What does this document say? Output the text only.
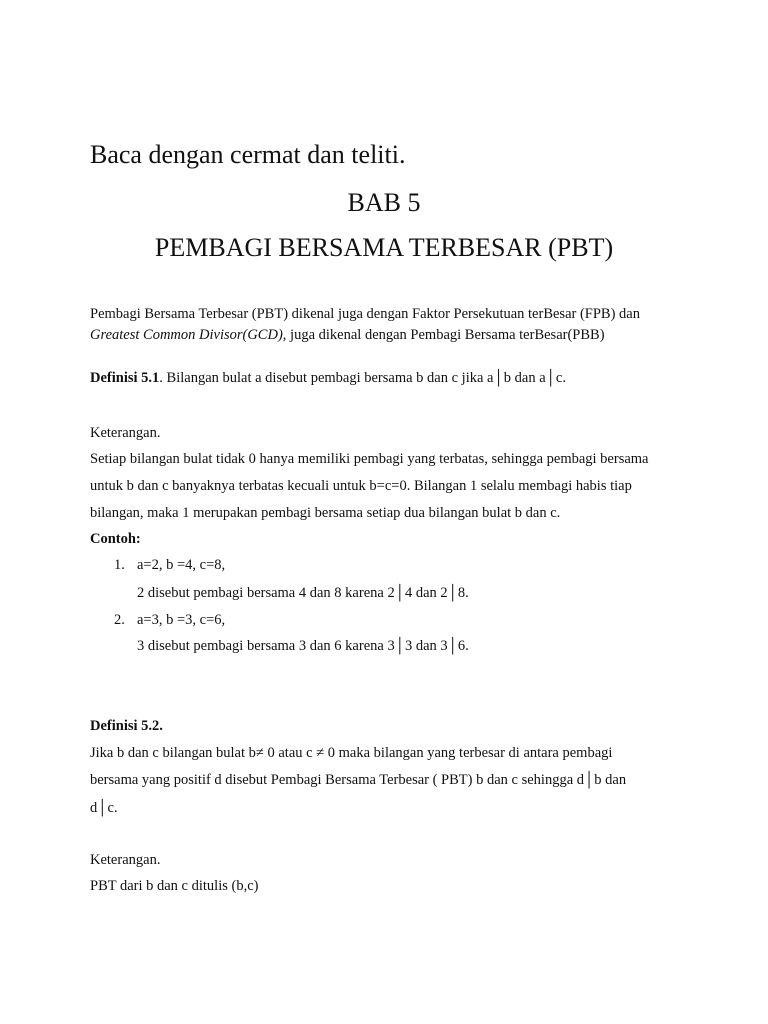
Baca dengan cermat dan teliti.
BAB 5
PEMBAGI BERSAMA TERBESAR (PBT)
Pembagi Bersama Terbesar (PBT) dikenal juga dengan Faktor Persekutuan terBesar (FPB) dan
Greatest Common Divisor(GCD), juga dikenal dengan Pembagi Bersama terBesar(PBB)
Definisi 5.1. Bilangan bulat a disebut pembagi bersama b dan c jika a│b dan a│c.
Keterangan.
Setiap bilangan bulat tidak 0 hanya memiliki pembagi yang terbatas, sehingga pembagi bersama
untuk b dan c banyaknya terbatas kecuali untuk b=c=0. Bilangan 1 selalu membagi habis tiap
bilangan, maka 1 merupakan pembagi bersama setiap dua bilangan bulat b dan c.
Contoh:
1. a=2, b =4, c=8,
2 disebut pembagi bersama 4 dan 8 karena 2│4 dan 2│8.
2. a=3, b =3, c=6,
3 disebut pembagi bersama 3 dan 6 karena 3│3 dan 3│6.
Definisi 5.2.
Jika b dan c bilangan bulat b≠ 0 atau c ≠ 0 maka bilangan yang terbesar di antara pembagi
bersama yang positif d disebut Pembagi Bersama Terbesar ( PBT) b dan c sehingga d│b dan
d│c.
Keterangan.
PBT dari b dan c ditulis (b,c)
